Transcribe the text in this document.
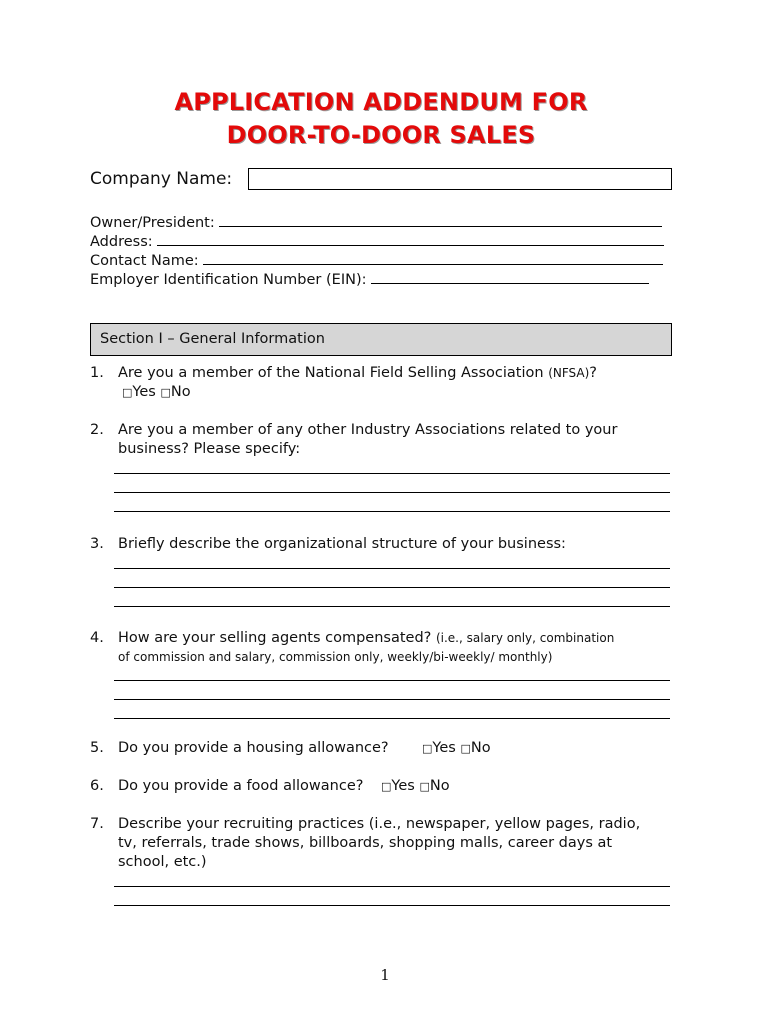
APPLICATION ADDENDUM FOR
DOOR-TO-DOOR SALES
Company Name:
Owner/President:
Address:
Contact Name:
Employer Identification Number (EIN):
Section I – General Information
1. Are you a member of the National Field Selling Association (NFSA)?
□Yes □No
2. Are you a member of any other Industry Associations related to your
business? Please specify:
3. Briefly describe the organizational structure of your business:
4. How are your selling agents compensated? (i.e., salary only, combination
of commission and salary, commission only, weekly/bi-weekly/ monthly)
5. Do you provide a housing allowance?	□Yes □No
6. Do you provide a food allowance?	□Yes □No
7. Describe your recruiting practices (i.e., newspaper, yellow pages, radio,
tv, referrals, trade shows, billboards, shopping malls, career days at
school, etc.)
1
